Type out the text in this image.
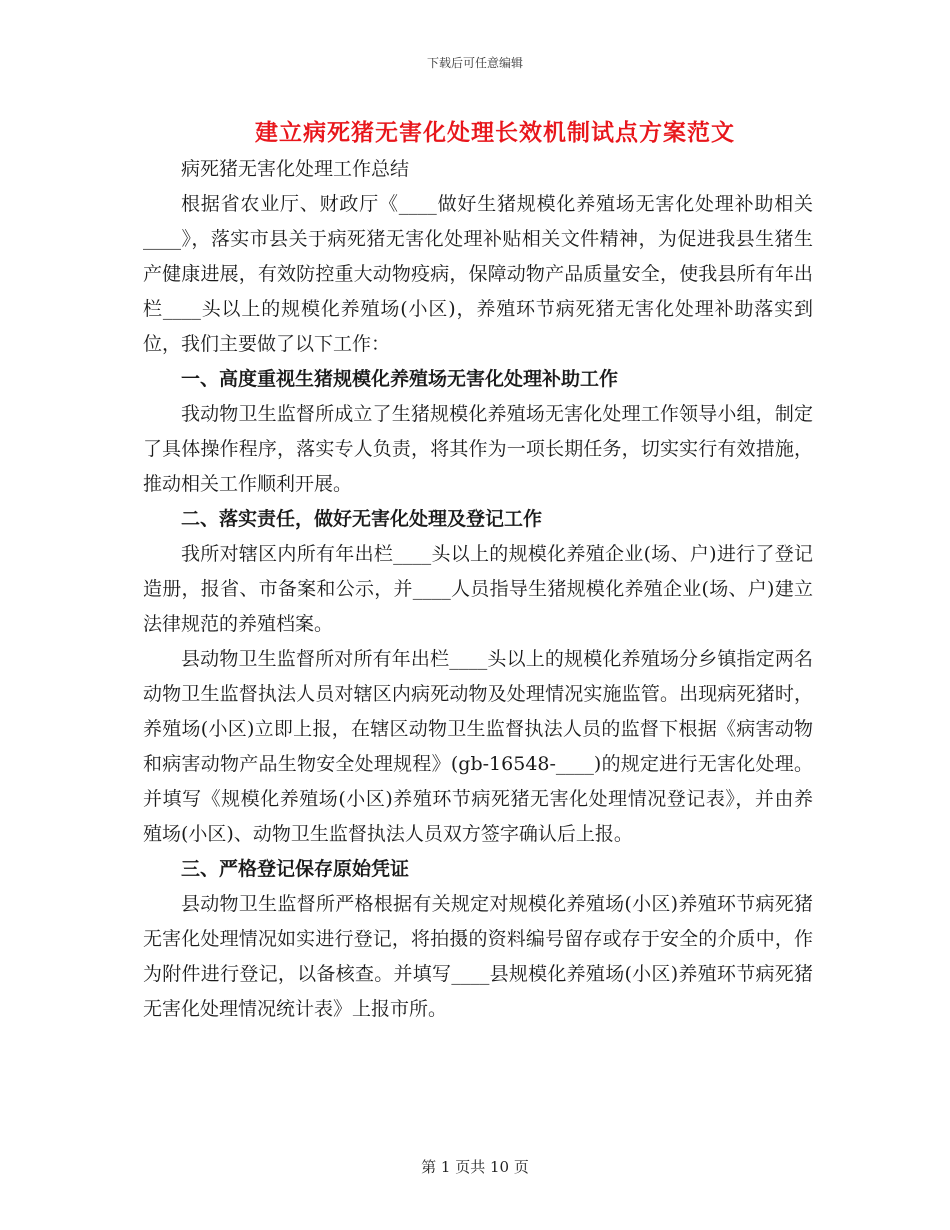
下载后可任意编辑
建立病死猪无害化处理长效机制试点方案范文

病死猪无害化处理工作总结

根据省农业厅、财政厅《____做好生猪规模化养殖场无害化处理补助相关____》，落实市县关于病死猪无害化处理补贴相关文件精神，为促进我县生猪生产健康进展，有效防控重大动物疫病，保障动物产品质量安全，使我县所有年出栏____头以上的规模化养殖场(小区)，养殖环节病死猪无害化处理补助落实到位，我们主要做了以下工作：

一、高度重视生猪规模化养殖场无害化处理补助工作

我动物卫生监督所成立了生猪规模化养殖场无害化处理工作领导小组，制定了具体操作程序，落实专人负责，将其作为一项长期任务，切实实行有效措施，推动相关工作顺利开展。

二、落实责任，做好无害化处理及登记工作

我所对辖区内所有年出栏____头以上的规模化养殖企业(场、户)进行了登记造册，报省、市备案和公示，并____人员指导生猪规模化养殖企业(场、户)建立法律规范的养殖档案。

县动物卫生监督所对所有年出栏____头以上的规模化养殖场分乡镇指定两名动物卫生监督执法人员对辖区内病死动物及处理情况实施监管。出现病死猪时，养殖场(小区)立即上报，在辖区动物卫生监督执法人员的监督下根据《病害动物和病害动物产品生物安全处理规程》(gb-16548-____)的规定进行无害化处理。并填写《规模化养殖场(小区)养殖环节病死猪无害化处理情况登记表》，并由养殖场(小区)、动物卫生监督执法人员双方签字确认后上报。

三、严格登记保存原始凭证

县动物卫生监督所严格根据有关规定对规模化养殖场(小区)养殖环节病死猪无害化处理情况如实进行登记，将拍摄的资料编号留存或存于安全的介质中，作为附件进行登记，以备核查。并填写____县规模化养殖场(小区)养殖环节病死猪无害化处理情况统计表》上报市所。

第 1 页共 10 页
